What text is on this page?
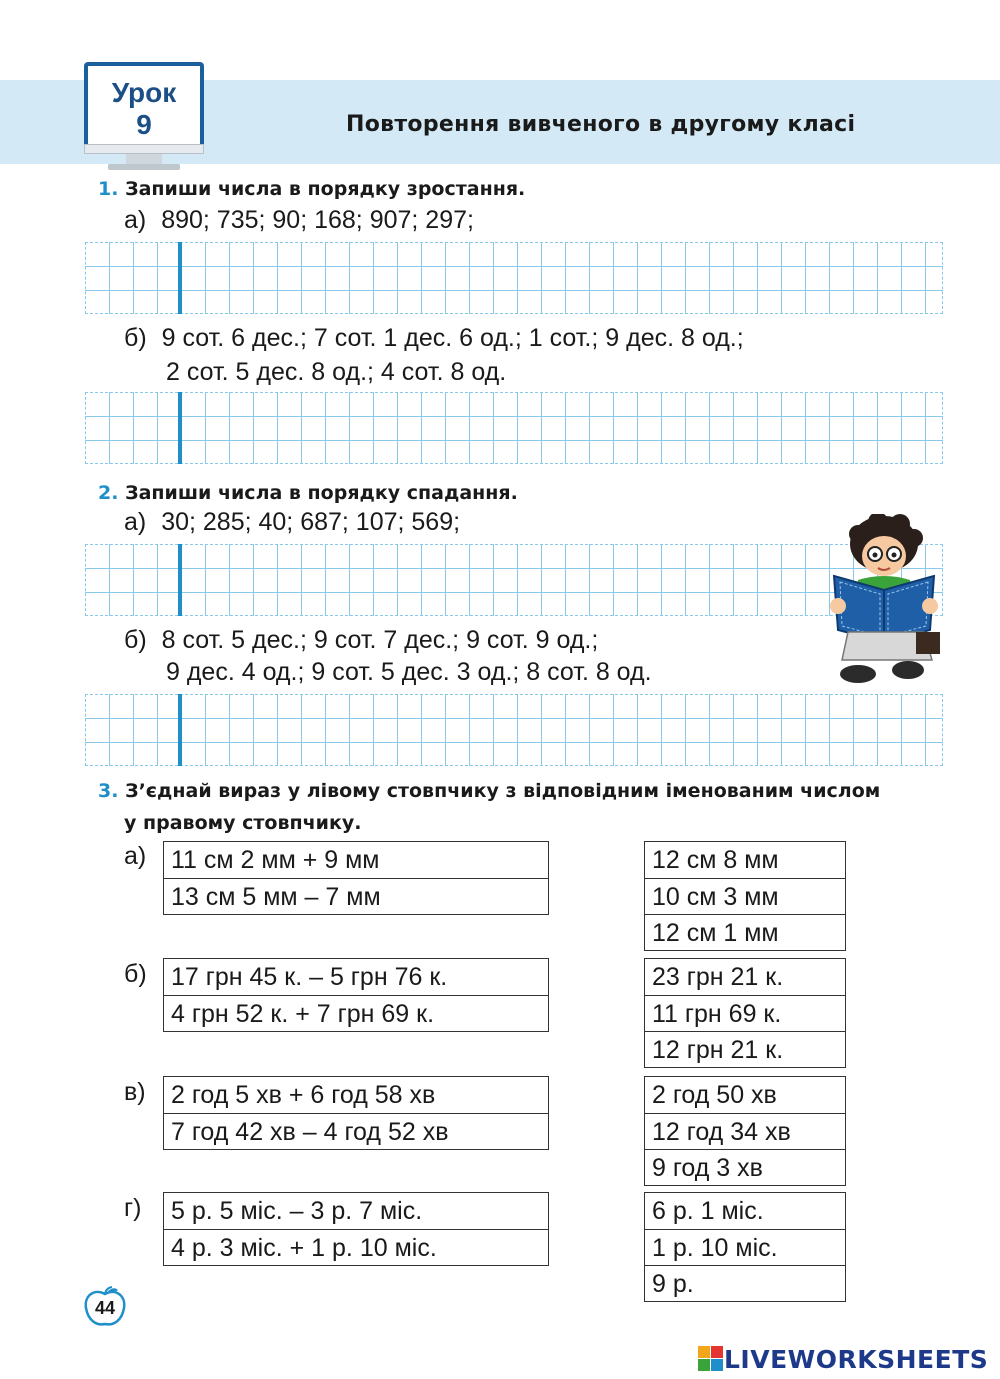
Урок
9	Повторення вивченого в другому класі
1. Запиши числа в порядку зростання.
а) 890; 735; 90; 168; 907; 297;
б) 9 сот. 6 дес.; 7 сот. 1 дес. 6 од.; 1 сот.; 9 дес. 8 од.;
2 сот. 5 дес. 8 од.; 4 сот. 8 од.
2. Запиши числа в порядку спадання.
а) 30; 285; 40; 687; 107; 569;
б) 8 сот. 5 дес.; 9 сот. 7 дес.; 9 сот. 9 од.;
9 дес. 4 од.; 9 сот. 5 дес. 3 од.; 8 сот. 8 од.
3. З’єднай вираз у лівому стовпчику з відповідним іменованим числом
у правому стовпчику.
а) 11 см 2 мм + 9 мм
13 см 5 мм – 7 мм
12 см 8 мм
10 см 3 мм
12 см 1 мм
б) 17 грн 45 к. – 5 грн 76 к.
4 грн 52 к. + 7 грн 69 к.
23 грн 21 к.
11 грн 69 к.
12 грн 21 к.
в) 2 год 5 хв + 6 год 58 хв
7 год 42 хв – 4 год 52 хв
2 год 50 хв
12 год 34 хв
9 год 3 хв
г) 5 р. 5 міс. – 3 р. 7 міс.
4 р. 3 міс. + 1 р. 10 міс.
6 р. 1 міс.
1 р. 10 міс.
9 р.
44
LIVEWORKSHEETS
